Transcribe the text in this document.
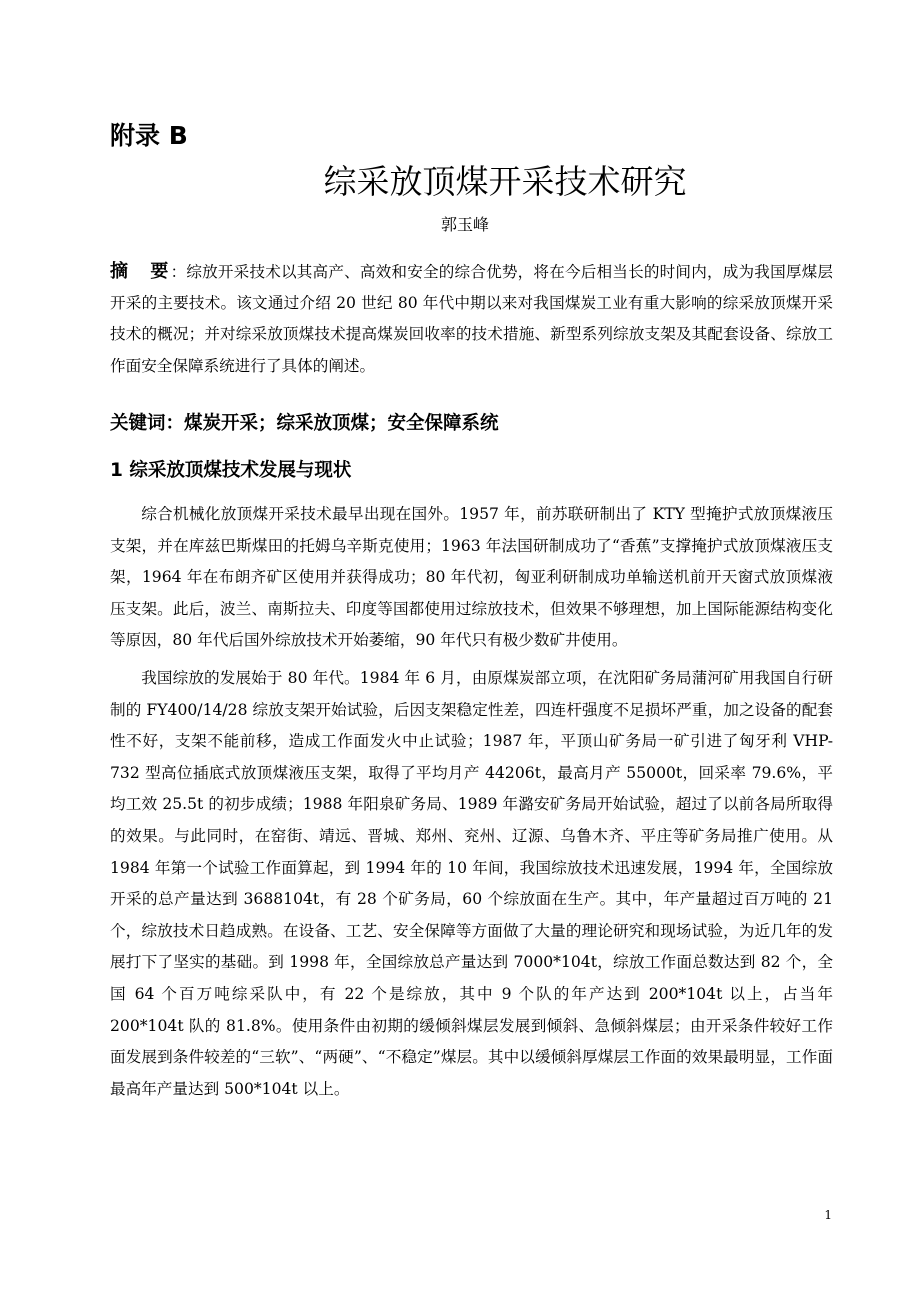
附录 B
综采放顶煤开采技术研究

郭玉峰

摘　要：综放开采技术以其高产、高效和安全的综合优势，将在今后相当长的时间内，成为我国厚煤层开采的主要技术。该文通过介绍 20 世纪 80 年代中期以来对我国煤炭工业有重大影响的综采放顶煤开采技术的概况；并对综采放顶煤技术提高煤炭回收率的技术措施、新型系列综放支架及其配套设备、综放工作面安全保障系统进行了具体的阐述。

关键词：煤炭开采；综采放顶煤；安全保障系统

1 综采放顶煤技术发展与现状

综合机械化放顶煤开采技术最早出现在国外。1957 年，前苏联研制出了 KTY 型掩护式放顶煤液压支架，并在库兹巴斯煤田的托姆乌辛斯克使用；1963 年法国研制成功了“香蕉”支撑掩护式放顶煤液压支架，1964 年在布朗齐矿区使用并获得成功；80 年代初，匈亚利研制成功单输送机前开天窗式放顶煤液压支架。此后，波兰、南斯拉夫、印度等国都使用过综放技术，但效果不够理想，加上国际能源结构变化等原因，80 年代后国外综放技术开始萎缩，90 年代只有极少数矿井使用。

我国综放的发展始于 80 年代。1984 年 6 月，由原煤炭部立项，在沈阳矿务局蒲河矿用我国自行研制的 FY400/14/28 综放支架开始试验，后因支架稳定性差，四连杆强度不足损坏严重，加之设备的配套性不好，支架不能前移，造成工作面发火中止试验；1987 年，平顶山矿务局一矿引进了匈牙利 VHP-732 型高位插底式放顶煤液压支架，取得了平均月产 44206t，最高月产 55000t，回采率 79.6%，平均工效 25.5t 的初步成绩；1988 年阳泉矿务局、1989 年潞安矿务局开始试验，超过了以前各局所取得的效果。与此同时，在窑街、靖远、晋城、郑州、兖州、辽源、乌鲁木齐、平庄等矿务局推广使用。从 1984 年第一个试验工作面算起，到 1994 年的 10 年间，我国综放技术迅速发展，1994 年，全国综放开采的总产量达到 3688104t，有 28 个矿务局，60 个综放面在生产。其中，年产量超过百万吨的 21 个，综放技术日趋成熟。在设备、工艺、安全保障等方面做了大量的理论研究和现场试验，为近几年的发展打下了坚实的基础。到 1998 年，全国综放总产量达到 7000*104t，综放工作面总数达到 82 个，全国 64 个百万吨综采队中，有 22 个是综放，其中 9 个队的年产达到 200*104t 以上，占当年 200*104t 队的 81.8%。使用条件由初期的缓倾斜煤层发展到倾斜、急倾斜煤层；由开采条件较好工作面发展到条件较差的“三软”、“两硬”、“不稳定”煤层。其中以缓倾斜厚煤层工作面的效果最明显，工作面最高年产量达到 500*104t 以上。

1
